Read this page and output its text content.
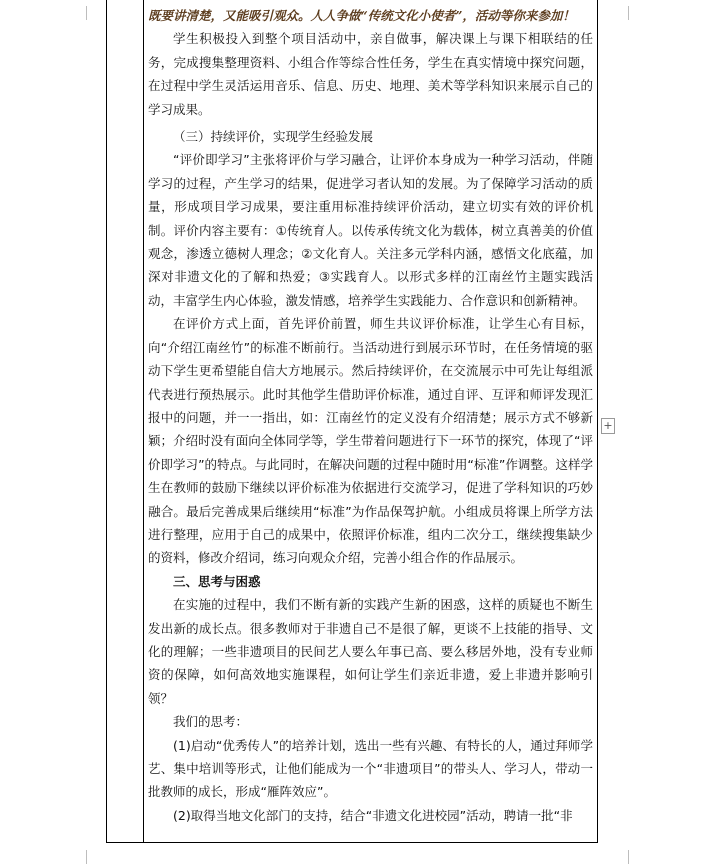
+

既要讲清楚，又能吸引观众。人人争做“传统文化小使者”，活动等你来参加！

学生积极投入到整个项目活动中，亲自做事，解决课上与课下相联结的任务，完成搜集整理资料、小组合作等综合性任务，学生在真实情境中探究问题，在过程中学生灵活运用音乐、信息、历史、地理、美术等学科知识来展示自己的学习成果。

（三）持续评价，实现学生经验发展

“评价即学习”主张将评价与学习融合，让评价本身成为一种学习活动，伴随学习的过程，产生学习的结果，促进学习者认知的发展。为了保障学习活动的质量，形成项目学习成果，要注重用标准持续评价活动，建立切实有效的评价机制。评价内容主要有：①传统育人。以传承传统文化为载体，树立真善美的价值观念，渗透立德树人理念；②文化育人。关注多元学科内涵，感悟文化底蕴，加深对非遗文化的了解和热爱；③实践育人。以形式多样的江南丝竹主题实践活动，丰富学生内心体验，激发情感，培养学生实践能力、合作意识和创新精神。

在评价方式上面，首先评价前置，师生共议评价标准，让学生心有目标，向“介绍江南丝竹”的标准不断前行。当活动进行到展示环节时，在任务情境的驱动下学生更希望能自信大方地展示。然后持续评价，在交流展示中可先让每组派代表进行预热展示。此时其他学生借助评价标准，通过自评、互评和师评发现汇报中的问题，并一一指出，如：江南丝竹的定义没有介绍清楚；展示方式不够新颖；介绍时没有面向全体同学等，学生带着问题进行下一环节的探究，体现了“评价即学习”的特点。与此同时，在解决问题的过程中随时用“标准”作调整。这样学生在教师的鼓励下继续以评价标准为依据进行交流学习，促进了学科知识的巧妙融合。最后完善成果后继续用“标准”为作品保驾护航。小组成员将课上所学方法进行整理，应用于自己的成果中，依照评价标准，组内二次分工，继续搜集缺少的资料，修改介绍词，练习向观众介绍，完善小组合作的作品展示。

三、思考与困惑

在实施的过程中，我们不断有新的实践产生新的困惑，这样的质疑也不断生发出新的成长点。很多教师对于非遗自己不是很了解，更谈不上技能的指导、文化的理解；一些非遗项目的民间艺人要么年事已高、要么移居外地，没有专业师资的保障，如何高效地实施课程，如何让学生们亲近非遗，爱上非遗并影响引领？

我们的思考：

(1)启动“优秀传人”的培养计划，选出一些有兴趣、有特长的人，通过拜师学艺、集中培训等形式，让他们能成为一个“非遗项目”的带头人、学习人，带动一批教师的成长，形成“雁阵效应”。

(2)取得当地文化部门的支持，结合“非遗文化进校园”活动，聘请一批“非
